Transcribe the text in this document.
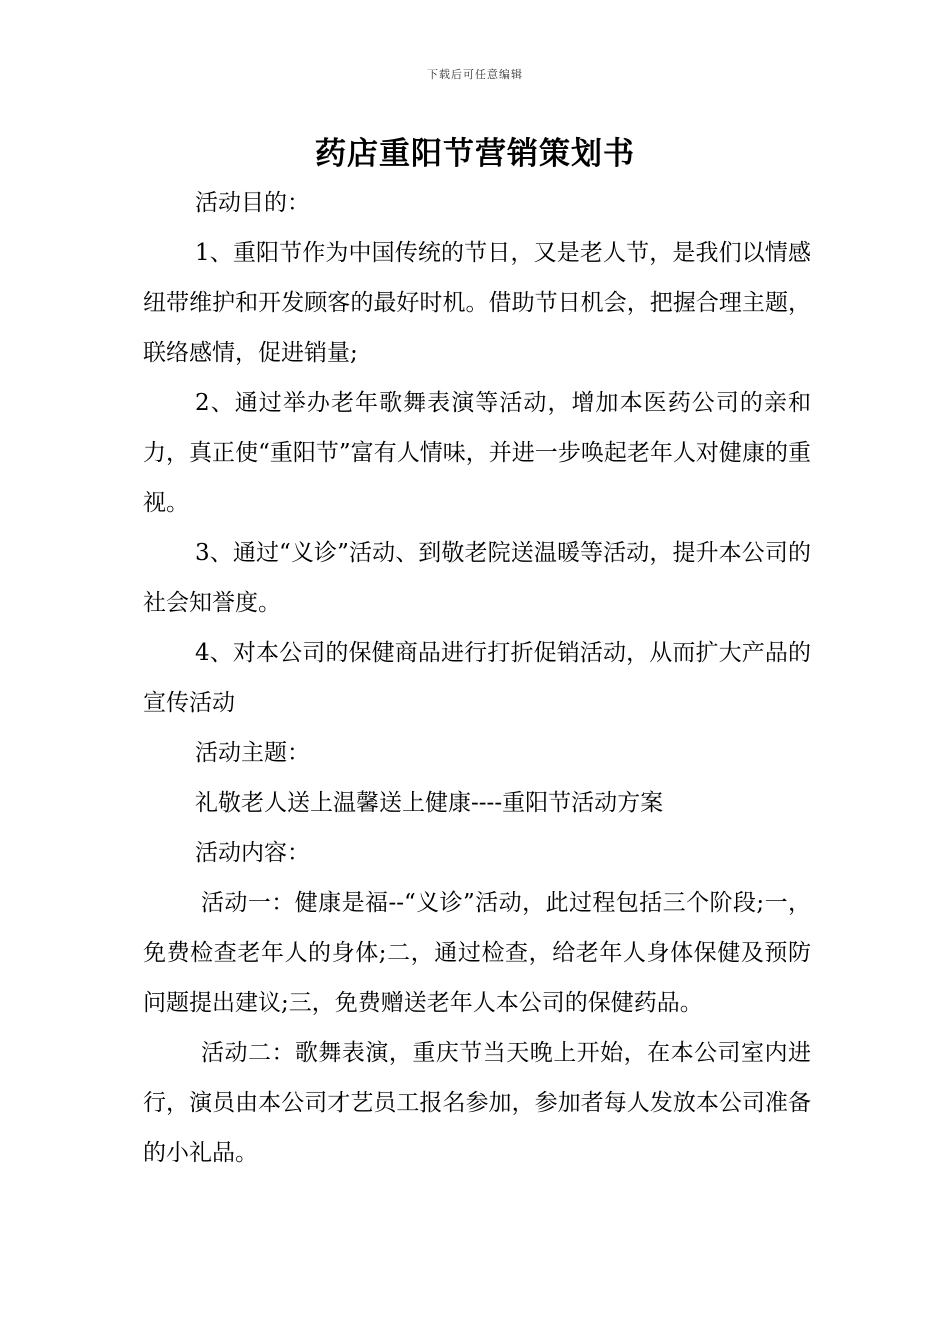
下载后可任意编辑
药店重阳节营销策划书

活动目的：

1、重阳节作为中国传统的节日，又是老人节，是我们以情感纽带维护和开发顾客的最好时机。借助节日机会，把握合理主题，联络感情，促进销量;

2、通过举办老年歌舞表演等活动，增加本医药公司的亲和力，真正使“重阳节”富有人情味，并进一步唤起老年人对健康的重视。

3、通过“义诊”活动、到敬老院送温暖等活动，提升本公司的社会知誉度。

4、对本公司的保健商品进行打折促销活动，从而扩大产品的宣传活动

活动主题：

礼敬老人送上温馨送上健康----重阳节活动方案

活动内容：

活动一：健康是福--“义诊”活动，此过程包括三个阶段;一，免费检查老年人的身体;二，通过检查，给老年人身体保健及预防问题提出建议;三，免费赠送老年人本公司的保健药品。

活动二：歌舞表演，重庆节当天晚上开始，在本公司室内进行，演员由本公司才艺员工报名参加，参加者每人发放本公司准备的小礼品。
